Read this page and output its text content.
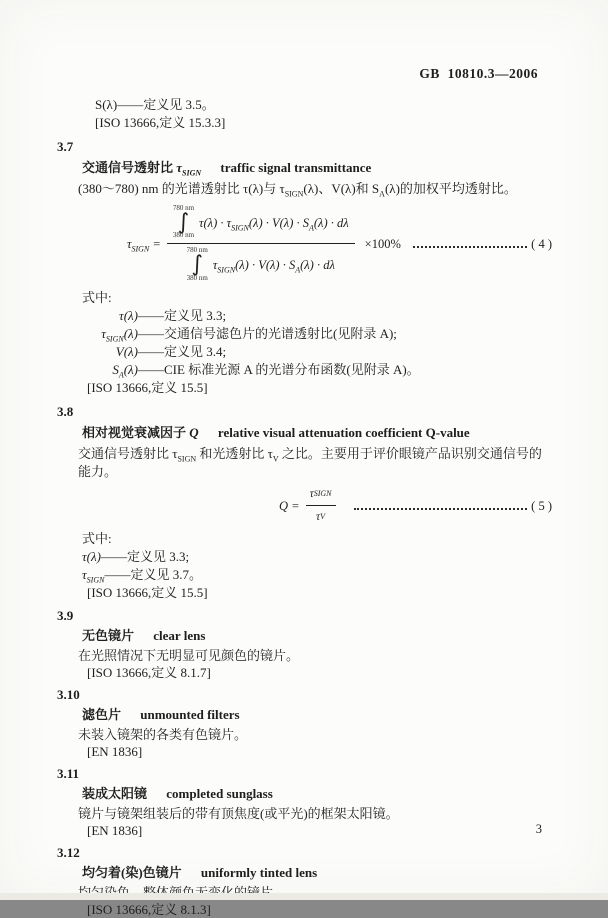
GB  10810.3—2006
S(λ)——定义见 3.5。
[ISO 13666,定义 15.3.3]
3.7
交通信号透射比 $\tau_{SIGN}$ traffic signal transmittance
(380～780) nm 的光谱透射比 τ(λ)与 $\tau_{SIGN}(\lambda)$、V(λ)和 $S_A(\lambda)$的加权平均透射比。
$\tau_{SIGN}$ =
780 nm
∫
380 nm
$\tau(\lambda) \cdot \tau_{SIGN}(\lambda) \cdot V(\lambda) \cdot S_A(\lambda) \cdot d\lambda$
780 nm
∫
380 nm
$\tau_{SIGN}(\lambda) \cdot V(\lambda) \cdot S_A(\lambda) \cdot d\lambda$
×100%	( 4 )
式中:
τ(λ) ——定义见 3.3;
$\tau_{SIGN}(\lambda)$ ——交通信号滤色片的光谱透射比(见附录 A);
V(λ) ——定义见 3.4;
$S_A(\lambda)$ ——CIE 标准光源 A 的光谱分布函数(见附录 A)。
[ISO 13666,定义 15.5]
3.8
相对视觉衰减因子 Q relative visual attenuation coefficient Q-value
交通信号透射比 $\tau_{SIGN}$ 和光透射比 $\tau_V$ 之比。主要用于评价眼镜产品识别交通信号的能力。
$Q = \frac{\text{τ SIGN}}{\text{τ V}}$	( 5 )
式中:
τ(λ) ——定义见 3.3;
$\tau_{SIGN}$ ——定义见 3.7。
[ISO 13666,定义 15.5]
3.9
无色镜片 clear lens
在光照情况下无明显可见颜色的镜片。
[ISO 13666,定义 8.1.7]
3.10
滤色片 unmounted filters
未装入镜架的各类有色镜片。
[EN 1836]
3.11
装成太阳镜 completed sunglass
镜片与镜架组装后的带有顶焦度(或平光)的框架太阳镜。
[EN 1836]
3.12
均匀着(染)色镜片 uniformly tinted lens
[ISO 13666,定义 8.1.3]
3
